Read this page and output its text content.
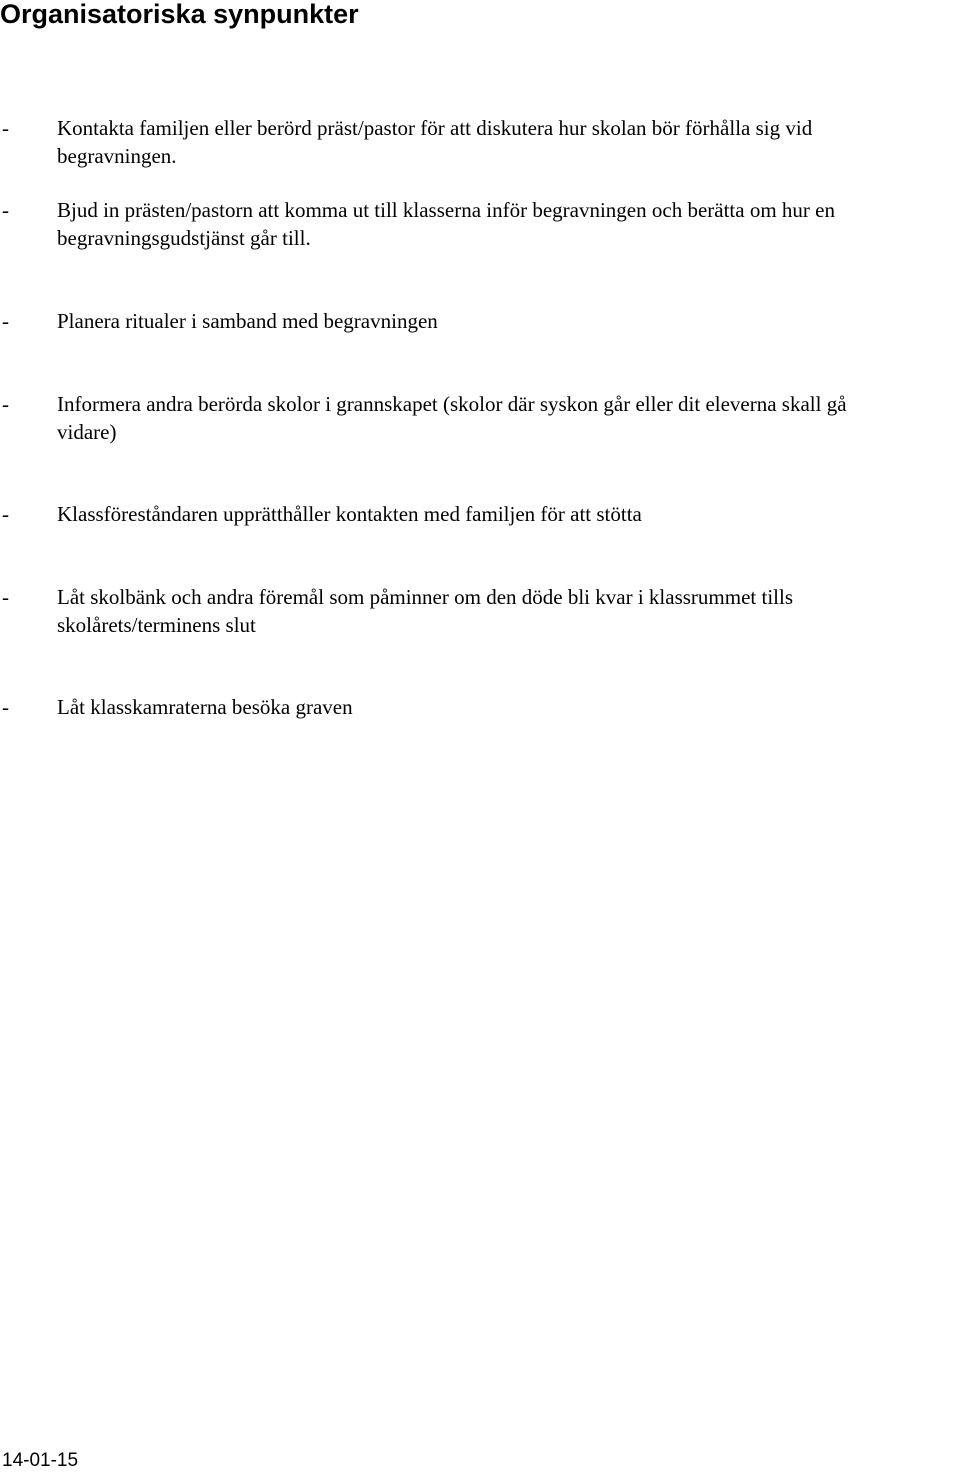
Organisatoriska synpunkter
- Kontakta familjen eller berörd präst/pastor för att diskutera hur skolan bör förhålla sig vid
begravningen.
- Bjud in prästen/pastorn att komma ut till klasserna inför begravningen och berätta om hur en
begravningsgudstjänst går till.
- Planera ritualer i samband med begravningen
- Informera andra berörda skolor i grannskapet (skolor där syskon går eller dit eleverna skall gå
vidare)
- Klassföreståndaren upprätthåller kontakten med familjen för att stötta
- Låt skolbänk och andra föremål som påminner om den döde bli kvar i klassrummet tills
skolårets/terminens slut
- Låt klasskamraterna besöka graven
14-01-15
